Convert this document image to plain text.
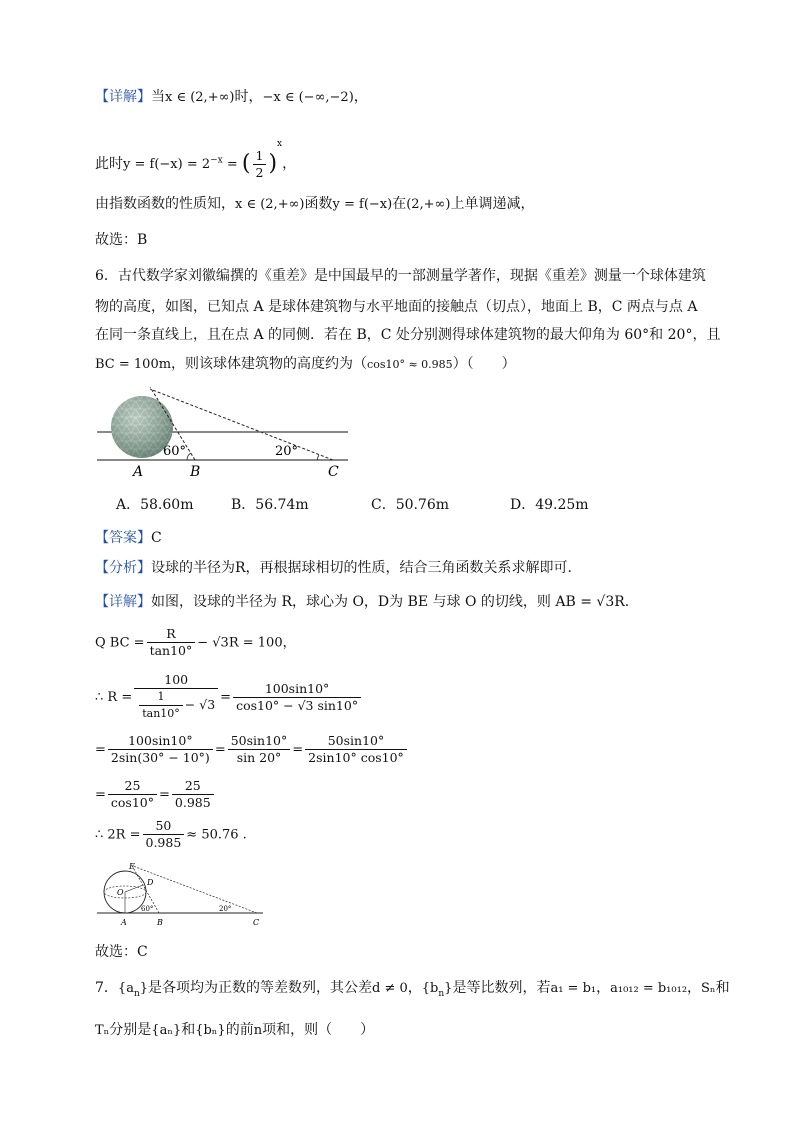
【详解】当x ∈ (2,+∞)时，−x ∈ (−∞,−2)，
此时$y = f(-x) = 2^{-x}$ = ( $\frac{1}{2} )^x$，
由指数函数的性质知，x ∈ (2,+∞)函数y = f(−x)在(2,+∞)上单调递减，
故选：B
6．古代数学家刘徽编撰的《重差》是中国最早的一部测量学著作，现据《重差》测量一个球体建筑
物的高度，如图，已知点 A 是球体建筑物与水平地面的接触点（切点），地面上 B，C 两点与点 A
在同一条直线上，且在点 A 的同侧．若在 B，C 处分别测得球体建筑物的最大仰角为 60°和 20°，且
BC = 100m，则该球体建筑物的高度约为（cos10° ≈ 0.985）（　　）
60°	20°
A	B	C
A．58.60m	B．56.74m	C．50.76m	D．49.25m
【答案】C
【分析】设球的半径为R，再根据球相切的性质，结合三角函数关系求解即可.
【详解】如图，设球的半径为 R，球心为 O，D为 BE 与球 O 的切线，则 AB = √3R.
Q BC = $\frac{R}{\tan 10^\circ} - √3R = 100$，
∴ $R = \frac{100}{\frac{1}{\tan 10^\circ} - √3} = \frac{100\sin 10^\circ}{\cos 10^\circ - √3 \sin 10^\circ}$
= $\frac{100\sin 10^\circ}{2\sin(30^\circ - 10^\circ)} = \frac{50\sin 10^\circ}{\sin 20^\circ} = \frac{50\sin 10^\circ}{2\sin 10^\circ \cos 10^\circ}$
= $\frac{25}{\cos 10^\circ} = \frac{25}{0.985}$
∴ $2R = \frac{50}{0.985} \approx 50.76$ .
E
D
O
60°	20°
A	B	C
故选：C
7．$\{a_n\}$是各项均为正数的等差数列，其公差d ≠ 0，$\{b_n\}$是等比数列，若a₁ = b₁，a₁₀₁₂ = b₁₀₁₂，Sₙ和
Tₙ分别是{aₙ}和{bₙ}的前n项和，则（　　）
